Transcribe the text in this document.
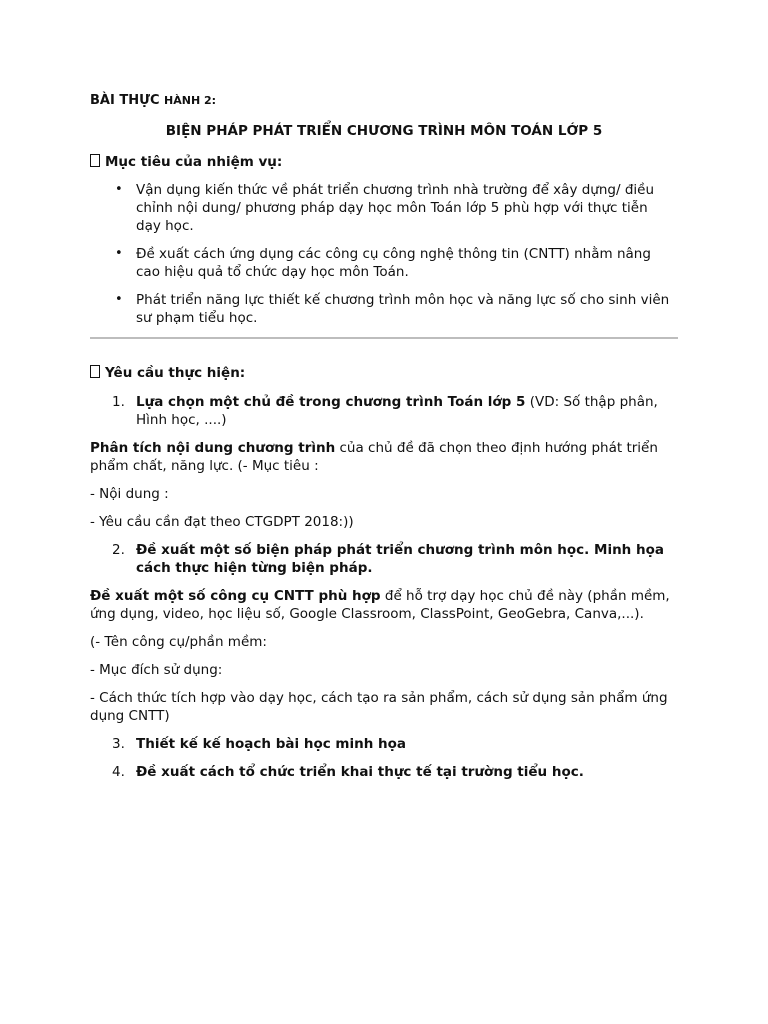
BÀI THỰC HÀNH 2:

BIỆN PHÁP PHÁT TRIỂN CHƯƠNG TRÌNH MÔN TOÁN LỚP 5

Mục tiêu của nhiệm vụ:

• Vận dụng kiến thức về phát triển chương trình nhà trường để xây dựng/ điều chỉnh nội dung/ phương pháp dạy học môn Toán lớp 5 phù hợp với thực tiễn dạy học.
• Đề xuất cách ứng dụng các công cụ công nghệ thông tin (CNTT) nhằm nâng cao hiệu quả tổ chức dạy học môn Toán.
• Phát triển năng lực thiết kế chương trình môn học và năng lực số cho sinh viên sư phạm tiểu học.

Yêu cầu thực hiện:

1. Lựa chọn một chủ đề trong chương trình Toán lớp 5 (VD: Số thập phân, Hình học, ....)

Phân tích nội dung chương trình của chủ đề đã chọn theo định hướng phát triển phẩm chất, năng lực. (- Mục tiêu :

- Nội dung :

- Yêu cầu cần đạt theo CTGDPT 2018:))

2. Đề xuất một số biện pháp phát triển chương trình môn học. Minh họa cách thực hiện từng biện pháp.

Đề xuất một số công cụ CNTT phù hợp để hỗ trợ dạy học chủ đề này (phần mềm, ứng dụng, video, học liệu số, Google Classroom, ClassPoint, GeoGebra, Canva,...).

(- Tên công cụ/phần mềm:

- Mục đích sử dụng:

- Cách thức tích hợp vào dạy học, cách tạo ra sản phẩm, cách sử dụng sản phẩm ứng dụng CNTT)

3. Thiết kế kế hoạch bài học minh họa

4. Đề xuất cách tổ chức triển khai thực tế tại trường tiểu học.
